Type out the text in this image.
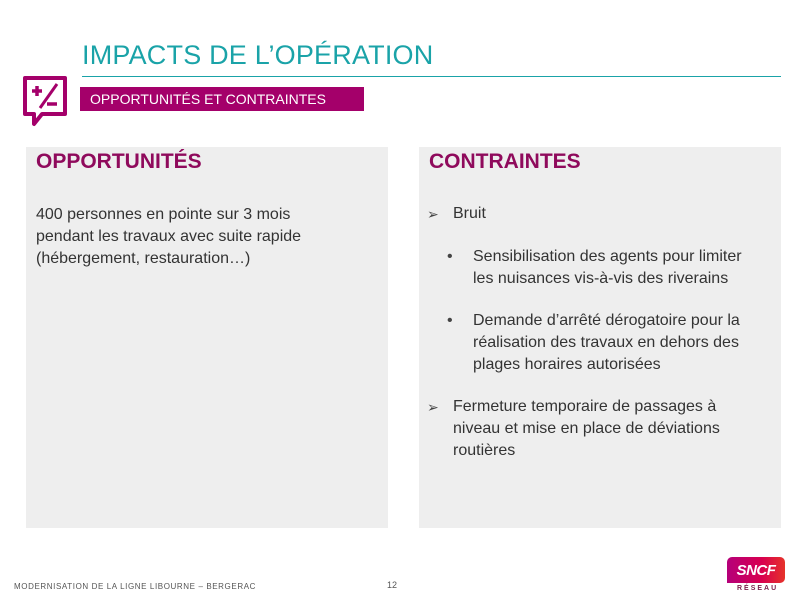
IMPACTS DE L’OPÉRATION
OPPORTUNITÉS ET CONTRAINTES
OPPORTUNITÉS
400 personnes en pointe sur 3 mois
pendant les travaux avec suite rapide
(hébergement, restauration…)
CONTRAINTES
➢ Bruit
• Sensibilisation des agents pour limiter
les nuisances vis-à-vis des riverains
• Demande d’arrêté dérogatoire pour la
réalisation des travaux en dehors des
plages horaires autorisées
➢ Fermeture temporaire de passages à
niveau et mise en place de déviations
routières
MODERNISATION DE LA LIGNE LIBOURNE – BERGERAC	12
SNCF
RÉSEAU
